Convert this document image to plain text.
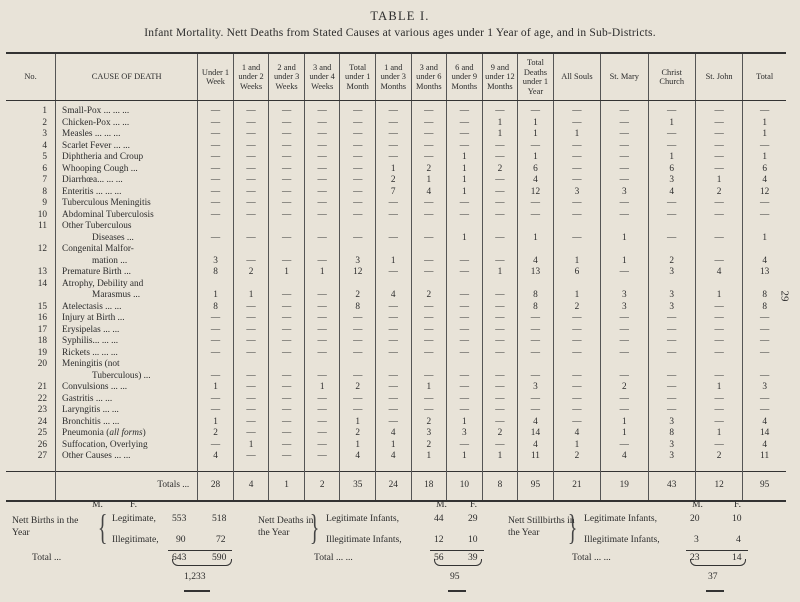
TABLE I.
Infant Mortality. Nett Deaths from Stated Causes at various ages under 1 Year of age, and in Sub-Districts.
29
No.	CAUSE OF DEATH	Under 1 Week	1 and under 2 Weeks	2 and under 3 Weeks	3 and under 4 Weeks	Total under 1 Month	1 and under 3 Months	3 and under 6 Months	6 and under 9 Months	9 and under 12 Months	Total Deaths under 1 Year	All Souls	St. Mary	Christ Church	St. John	Total
1	Small-Pox ... ... ...	—	—	—	—	—	—	—	—	—	—	—	—	—	—	—
2	Chicken-Pox ... ...	—	—	—	—	—	—	—	—	1	1	—	—	1	—	1
3	Measles ... ... ...	—	—	—	—	—	—	—	—	1	1	1	—	—	—	1
4	Scarlet Fever ... ...	—	—	—	—	—	—	—	—	—	—	—	—	—	—	—
5	Diphtheria and Croup	—	—	—	—	—	—	—	1	—	1	—	—	1	—	1
6	Whooping Cough ...	—	—	—	—	—	1	2	1	2	6	—	—	6	—	6
7	Diarrhœa... ... ...	—	—	—	—	—	2	1	1	—	4	—	—	3	1	4
8	Enteritis ... ... ...	—	—	—	—	—	7	4	1	—	12	3	3	4	2	12
9	Tuberculous Meningitis	—	—	—	—	—	—	—	—	—	—	—	—	—	—	—
10	Abdominal Tuberculosis	—	—	—	—	—	—	—	—	—	—	—	—	—	—	—
11	Other Tuberculous															
	Diseases ...	—	—	—	—	—	—	—	1	—	1	—	1	—	—	1
12	Congenital Malfor-															
	mation ...	3	—	—	—	3	1	—	—	—	4	1	1	2	—	4
13	Premature Birth ...	8	2	1	1	12	—	—	—	1	13	6	—	3	4	13
14	Atrophy, Debility and															
	Marasmus ...	1	1	—	—	2	4	2	—	—	8	1	3	3	1	8
15	Atelectasis ... ...	8	—	—	—	8	—	—	—	—	8	2	3	3	—	8
16	Injury at Birth ...	—	—	—	—	—	—	—	—	—	—	—	—	—	—	—
17	Erysipelas ... ...	—	—	—	—	—	—	—	—	—	—	—	—	—	—	—
18	Syphilis... ... ...	—	—	—	—	—	—	—	—	—	—	—	—	—	—	—
19	Rickets ... ... ...	—	—	—	—	—	—	—	—	—	—	—	—	—	—	—
20	Meningitis (not															
	Tuberculous) ...	—	—	—	—	—	—	—	—	—	—	—	—	—	—	—
21	Convulsions ... ...	1	—	—	1	2	—	1	—	—	3	—	2	—	1	3
22	Gastritis ... ...	—	—	—	—	—	—	—	—	—	—	—	—	—	—	—
23	Laryngitis ... ...	—	—	—	—	—	—	—	—	—	—	—	—	—	—	—
24	Bronchitis ... ...	1	—	—	—	1	—	2	1	—	4	—	1	3	—	4
25	Pneumonia (all forms)	2	—	—	—	2	4	3	3	2	14	4	1	8	1	14
26	Suffocation, Overlying	—	1	—	—	1	1	2	—	—	4	1	—	3	—	4
27	Other Causes ... ...	4	—	—	—	4	4	1	1	1	11	2	4	3	2	11

	Totals ...	28	4	1	2	35	24	18	10	8	95	21	19	43	12	95
M.	F.
Nett Births in the Year	{ Legitimate, 553	518
Illegitimate, 90	72
Total ...	643	590
1,233
M. F.
Nett Deaths in the Year } Legitimate Infants,	44	29
Illegitimate Infants,	12	10
Total ... ...	56	39
95
M.	F.
Nett Stillbirths in the Year } Legitimate Infants,	20	10
Illegitimate Infants,	3	4
Total ... ...	23	14
37
